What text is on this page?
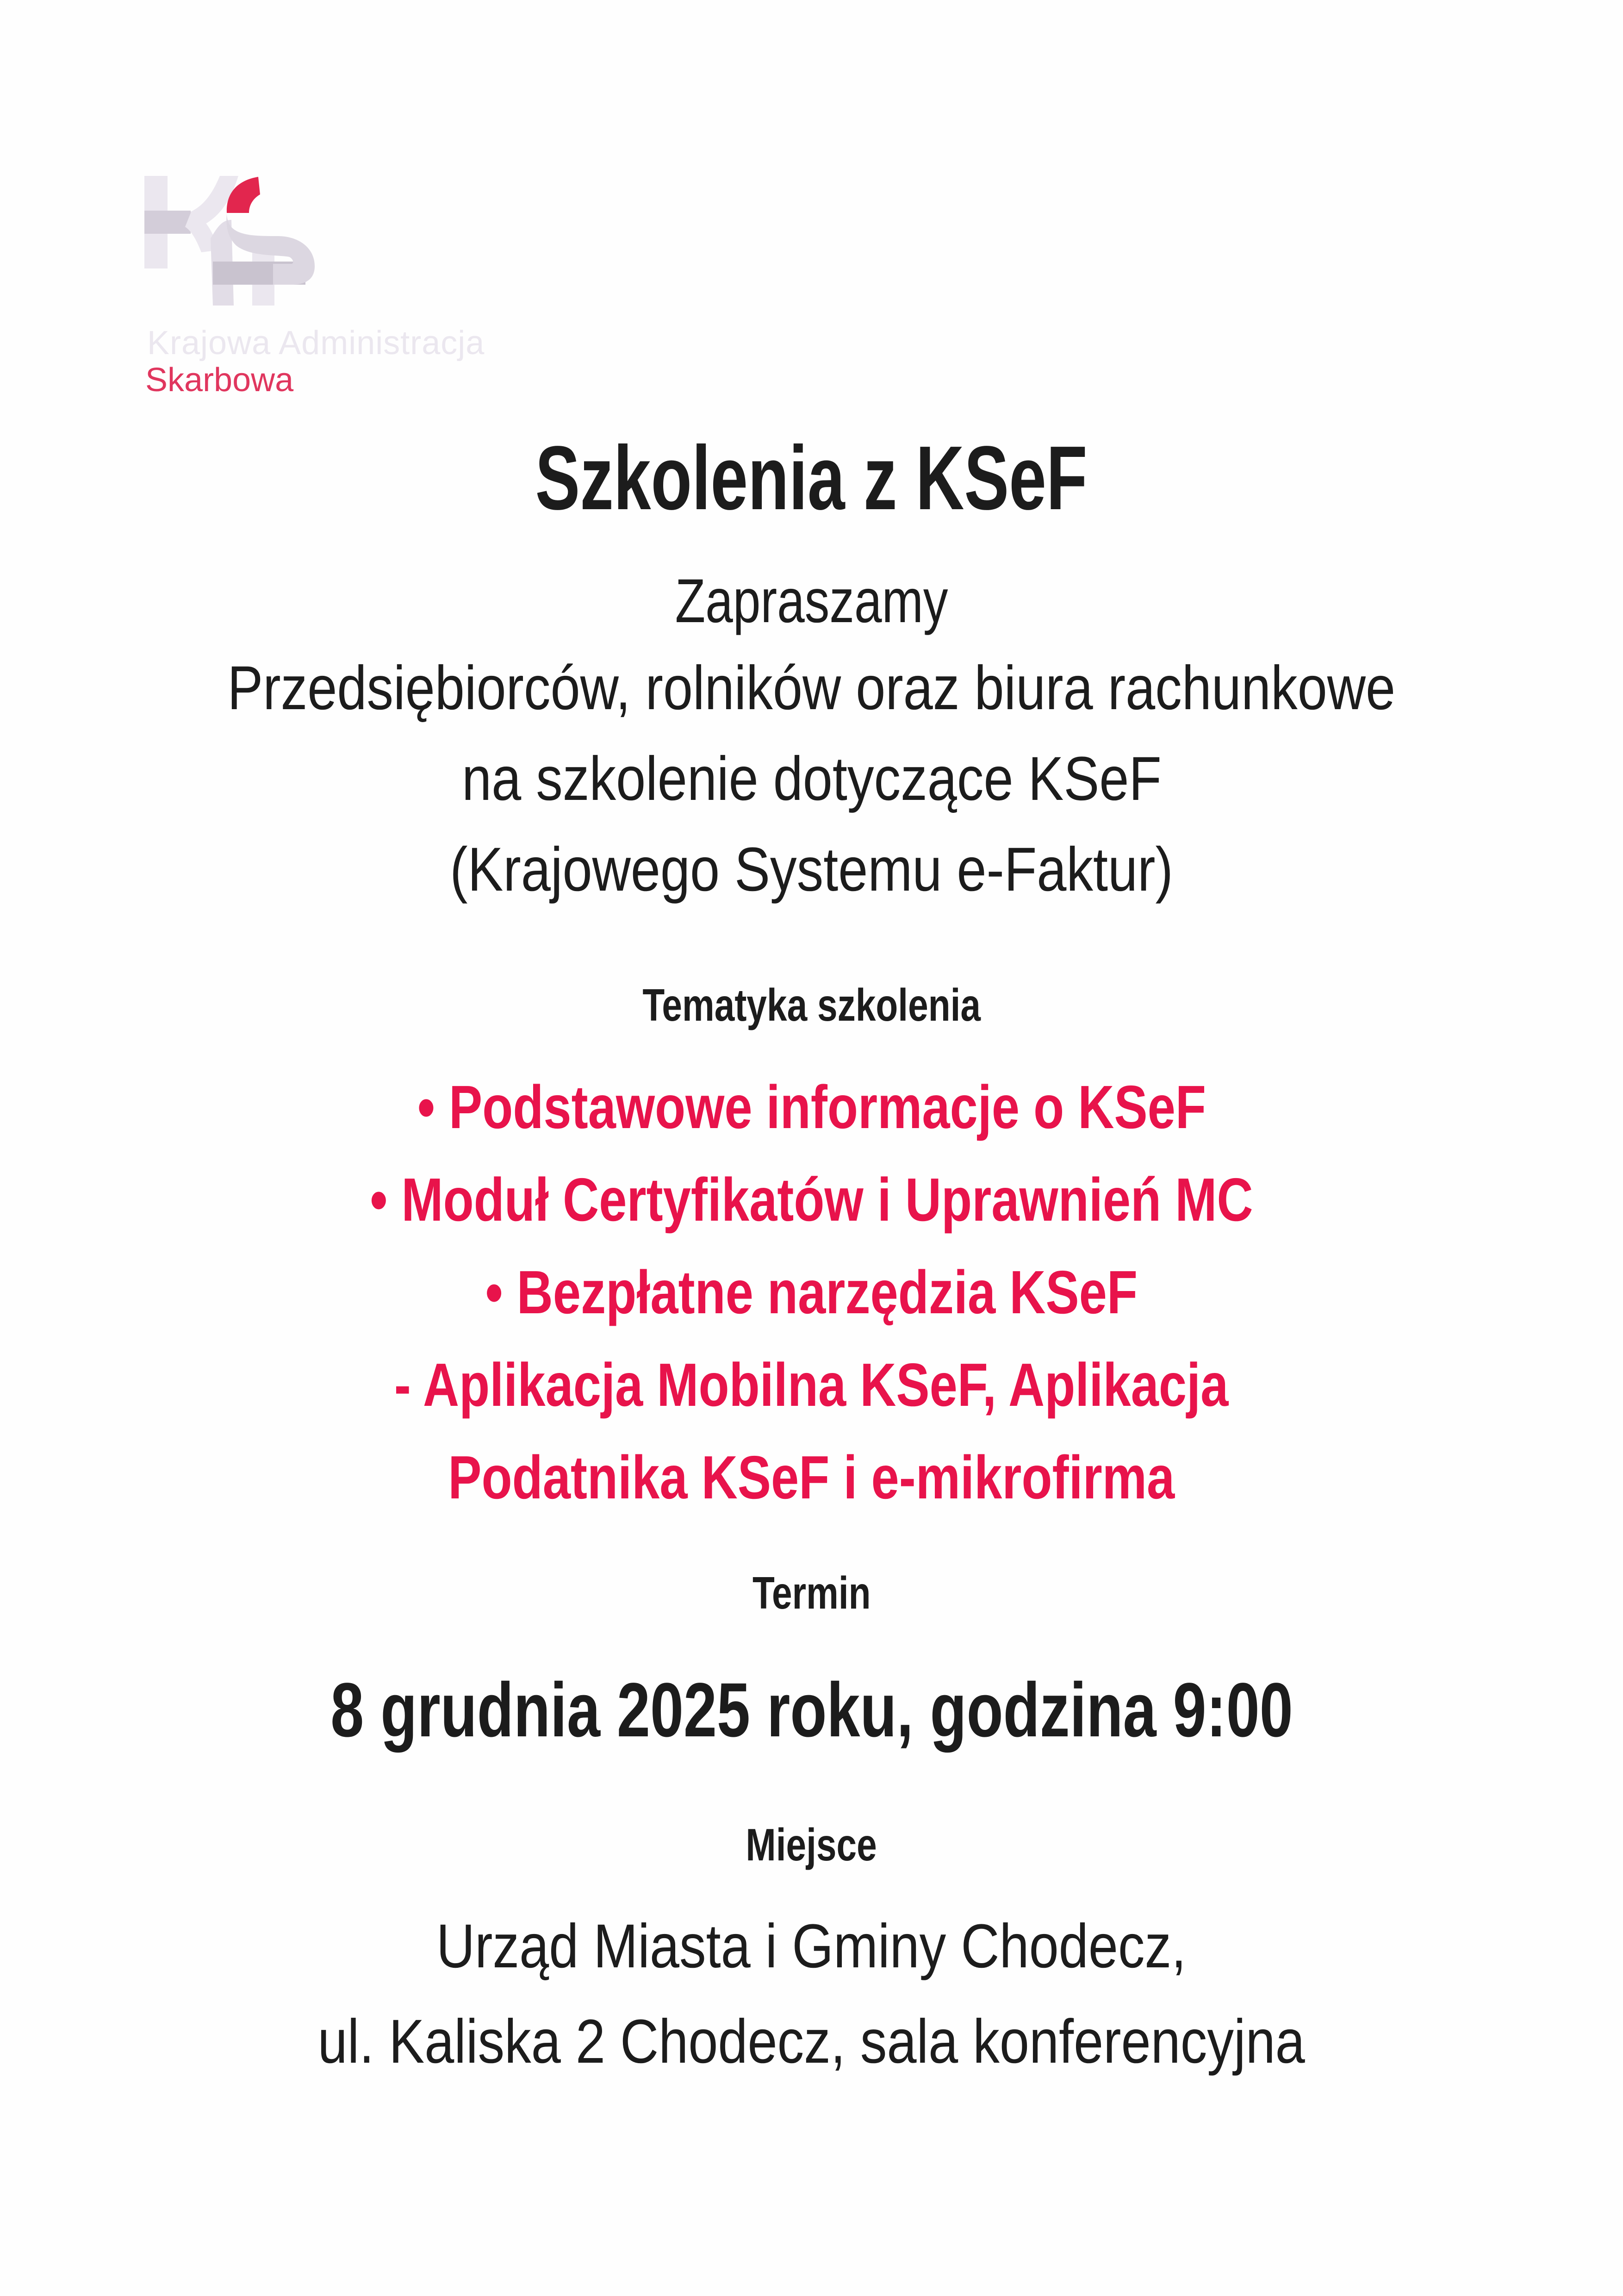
Krajowa Administracja
Skarbowa
Szkolenia z KSeF
Zapraszamy
Przedsiębiorców, rolników oraz biura rachunkowe
na szkolenie dotyczące KSeF
(Krajowego Systemu e-Faktur)
Tematyka szkolenia
• Podstawowe informacje o KSeF
• Moduł Certyfikatów i Uprawnień MC
• Bezpłatne narzędzia KSeF
- Aplikacja Mobilna KSeF, Aplikacja
Podatnika KSeF i e-mikrofirma
Termin
8 grudnia 2025 roku, godzina 9:00
Miejsce
Urząd Miasta i Gminy Chodecz,
ul. Kaliska 2 Chodecz, sala konferencyjna
